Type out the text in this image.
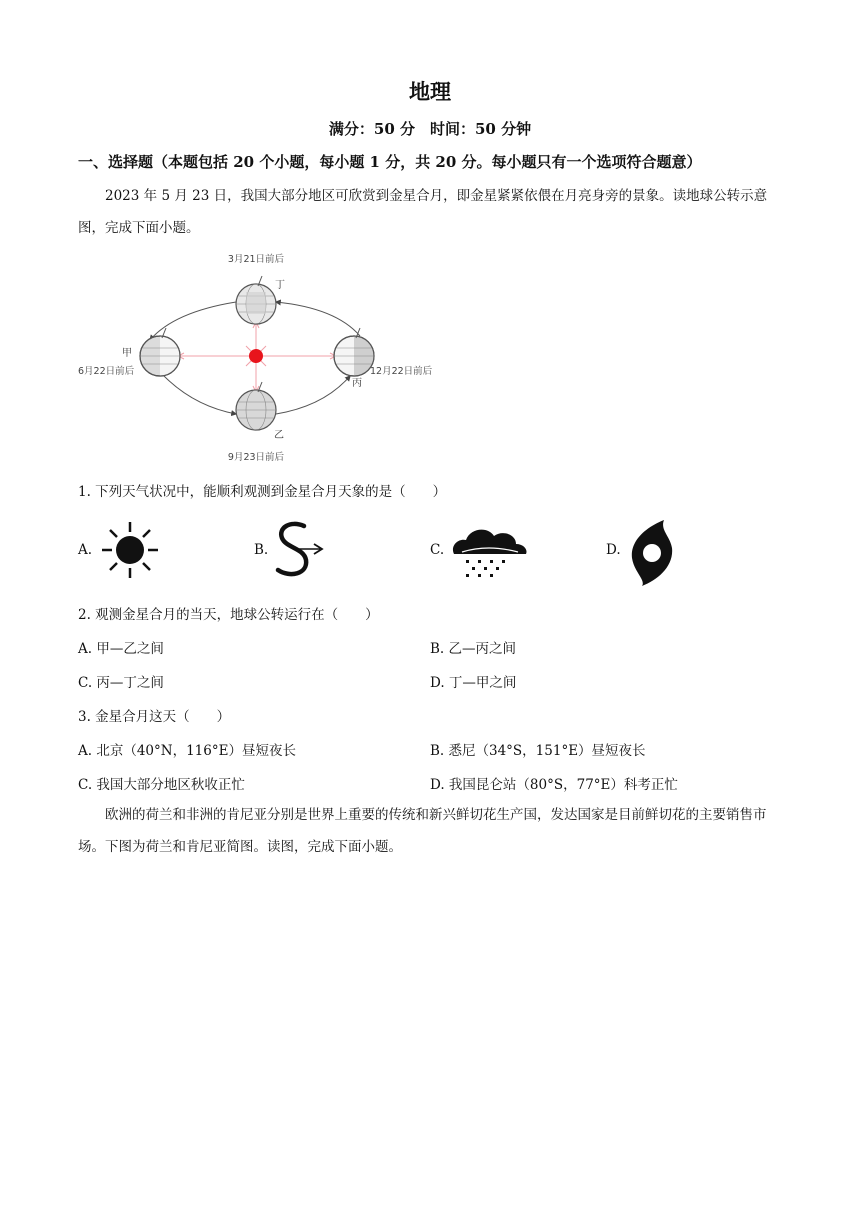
地理
满分：50 分　时间：50 分钟
一、选择题（本题包括 20 个小题，每小题 1 分，共 20 分。每小题只有一个选项符合题意）
2023 年 5 月 23 日，我国大部分地区可欣赏到金星合月，即金星紧紧依偎在月亮身旁的景象。读地球公转示意图，完成下面小题。
3月21日前后
丁
甲
6月22日前后	12月22日前后
丙
乙
9月23日前后
1. 下列天气状况中，能顺利观测到金星合月天象的是（　　）
A.	B.	C.	D.
2. 观测金星合月的当天，地球公转运行在（　　）
A. 甲—乙之间	B. 乙—丙之间
C. 丙—丁之间	D. 丁—甲之间
3. 金星合月这天（　　）
A. 北京（40°N，116°E）昼短夜长	B. 悉尼（34°S，151°E）昼短夜长
C. 我国大部分地区秋收正忙	D. 我国昆仑站（80°S，77°E）科考正忙
欧洲的荷兰和非洲的肯尼亚分别是世界上重要的传统和新兴鲜切花生产国，发达国家是目前鲜切花的主要销售市场。下图为荷兰和肯尼亚简图。读图，完成下面小题。
